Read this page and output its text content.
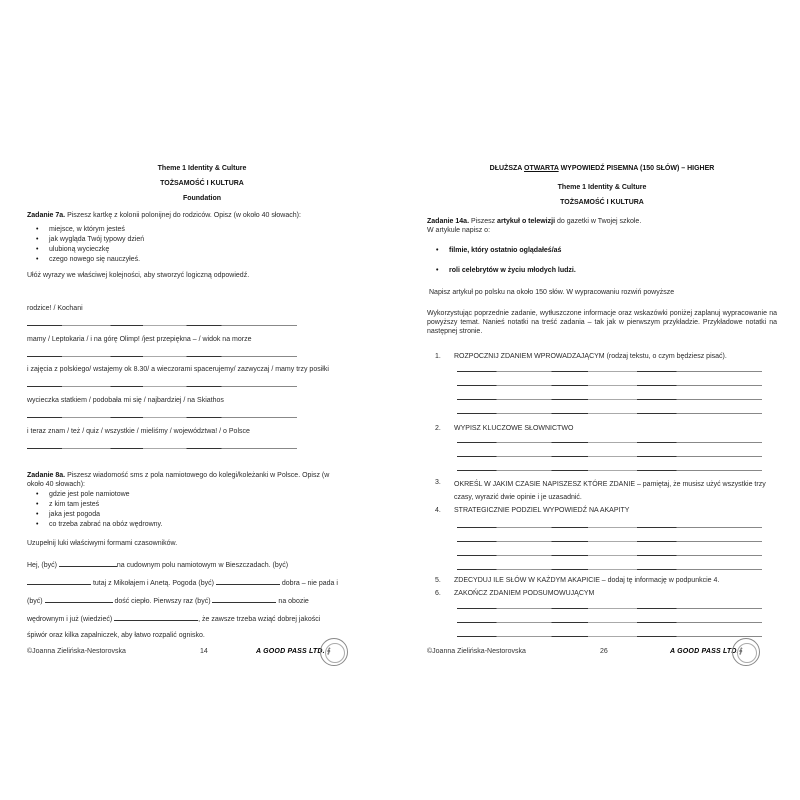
Theme 1 Identity & Culture
TOŻSAMOŚĆ I KULTURA
Foundation
Zadanie 7a. Piszesz kartkę z kolonii polonijnej do rodziców. Opisz (w około 40 słowach):
• miejsce, w którym jesteś
• jak wygląda Twój typowy dzień
• ulubioną wycieczkę
• czego nowego się nauczyłeś.
Ułóż wyrazy we właściwej kolejności, aby stworzyć logiczną odpowiedź.
rodzice! / Kochani
mamy / Leptokaria / i na górę Olimp! /jest przepiękna – / widok na morze
i zajęcia z polskiego/ wstajemy ok 8.30/ a wieczorami spacerujemy/ zazwyczaj / mamy trzy posiłki
wycieczka statkiem / podobała mi się / najbardziej / na Skiathos
i teraz znam / też / quiz / wszystkie / mieliśmy / województwa! / o Polsce
Zadanie 8a. Piszesz wiadomość sms z pola namiotowego do kolegi/koleżanki w Polsce. Opisz (w około 40 słowach):
• gdzie jest pole namiotowe
• z kim tam jesteś
• jaka jest pogoda
• co trzeba zabrać na obóz wędrowny.
Uzupełnij luki właściwymi formami czasowników.
Hej, (być)	na cudownym polu namiotowym w Bieszczadach. (być)
tutaj z Mikołajem i Anetą. Pogoda (być)	dobra – nie pada i
(być)	dość ciepło. Pierwszy raz (być)	na obozie
wędrownym i już (wiedzieć)	, że zawsze trzeba wziąć dobrej jakości
śpiwór oraz kilka zapalniczek, aby łatwo rozpalić ognisko.
©Joanna Zielińska-Nestorovska	14	A GOOD PASS LTD. ∮
DŁUŻSZA OTWARTA WYPOWIEDŹ PISEMNA (150 SŁÓW) – HIGHER
Theme 1 Identity & Culture
TOŻSAMOŚĆ I KULTURA
Zadanie 14a. Piszesz artykuł o telewizji do gazetki w Twojej szkole.
W artykule napisz o:
• filmie, który ostatnio oglądałeś/aś
• roli celebrytów w życiu młodych ludzi.
Napisz artykuł po polsku na około 150 słów. W wypracowaniu rozwiń powyższe
Wykorzystując poprzednie zadanie, wytłuszczone informacje oraz wskazówki poniżej zaplanuj wypracowanie na powyższy temat. Nanieś notatki na treść zadania – tak jak w pierwszym przykładzie. Przykładowe notatki na następnej stronie.
1. ROZPOCZNIJ ZDANIEM WPROWADZAJĄCYM (rodzaj tekstu, o czym będziesz pisać).
2. WYPISZ KLUCZOWE SŁOWNICTWO
3. OKREŚL W JAKIM CZASIE NAPISZESZ KTÓRE ZDANIE – pamiętaj, że musisz użyć wszystkie trzy czasy, wyrazić dwie opinie i je uzasadnić.
4. STRATEGICZNIE PODZIEL WYPOWIEDŹ NA AKAPITY
5. ZDECYDUJ ILE SŁÓW W KAŻDYM AKAPICIE – dodaj tę informację w podpunkcie 4.
6. ZAKOŃCZ ZDANIEM PODSUMOWUJĄCYM
©Joanna Zielińska-Nestorovska	26	A GOOD PASS LTD. ∮
